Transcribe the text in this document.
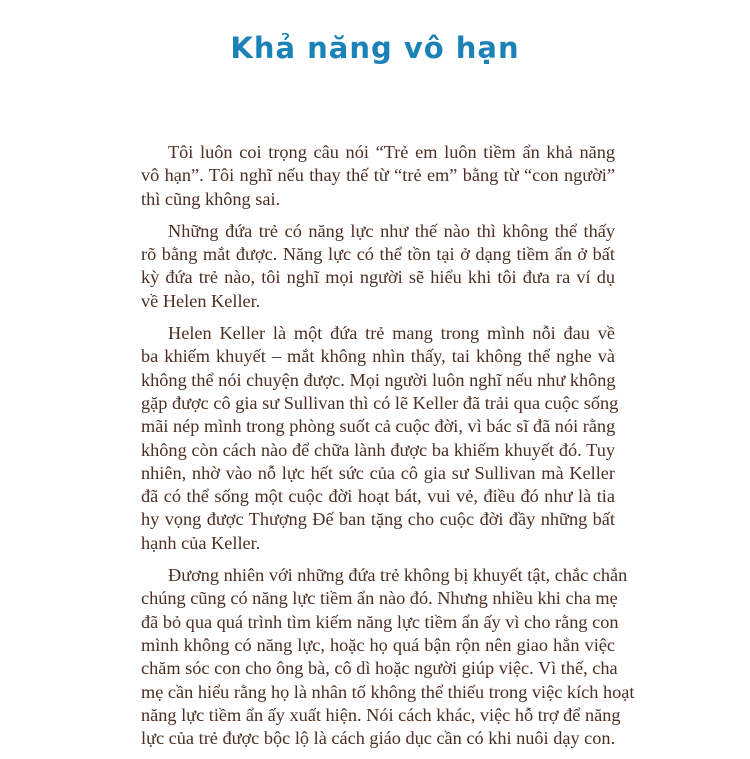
Khả năng vô hạn
Tôi luôn coi trọng câu nói “Trẻ em luôn tiềm ẩn khả năng
vô hạn”. Tôi nghĩ nếu thay thế từ “trẻ em” bằng từ “con người”
thì cũng không sai.
Những đứa trẻ có năng lực như thế nào thì không thể thấy
rõ bằng mắt được. Năng lực có thể tồn tại ở dạng tiềm ẩn ở bất
kỳ đứa trẻ nào, tôi nghĩ mọi người sẽ hiểu khi tôi đưa ra ví dụ
về Helen Keller.
Helen Keller là một đứa trẻ mang trong mình nỗi đau về
ba khiếm khuyết – mắt không nhìn thấy, tai không thể nghe và
không thể nói chuyện được. Mọi người luôn nghĩ nếu như không
gặp được cô gia sư Sullivan thì có lẽ Keller đã trải qua cuộc sống
mãi nép mình trong phòng suốt cả cuộc đời, vì bác sĩ đã nói rằng
không còn cách nào để chữa lành được ba khiếm khuyết đó. Tuy
nhiên, nhờ vào nỗ lực hết sức của cô gia sư Sullivan mà Keller
đã có thể sống một cuộc đời hoạt bát, vui vẻ, điều đó như là tia
hy vọng được Thượng Đế ban tặng cho cuộc đời đầy những bất
hạnh của Keller.
Đương nhiên với những đứa trẻ không bị khuyết tật, chắc chắn
chúng cũng có năng lực tiềm ẩn nào đó. Nhưng nhiều khi cha mẹ
đã bỏ qua quá trình tìm kiếm năng lực tiềm ẩn ấy vì cho rằng con
mình không có năng lực, hoặc họ quá bận rộn nên giao hẳn việc
chăm sóc con cho ông bà, cô dì hoặc người giúp việc. Vì thế, cha
mẹ cần hiểu rằng họ là nhân tố không thể thiếu trong việc kích hoạt
năng lực tiềm ẩn ấy xuất hiện. Nói cách khác, việc hỗ trợ để năng
lực của trẻ được bộc lộ là cách giáo dục cần có khi nuôi dạy con.
